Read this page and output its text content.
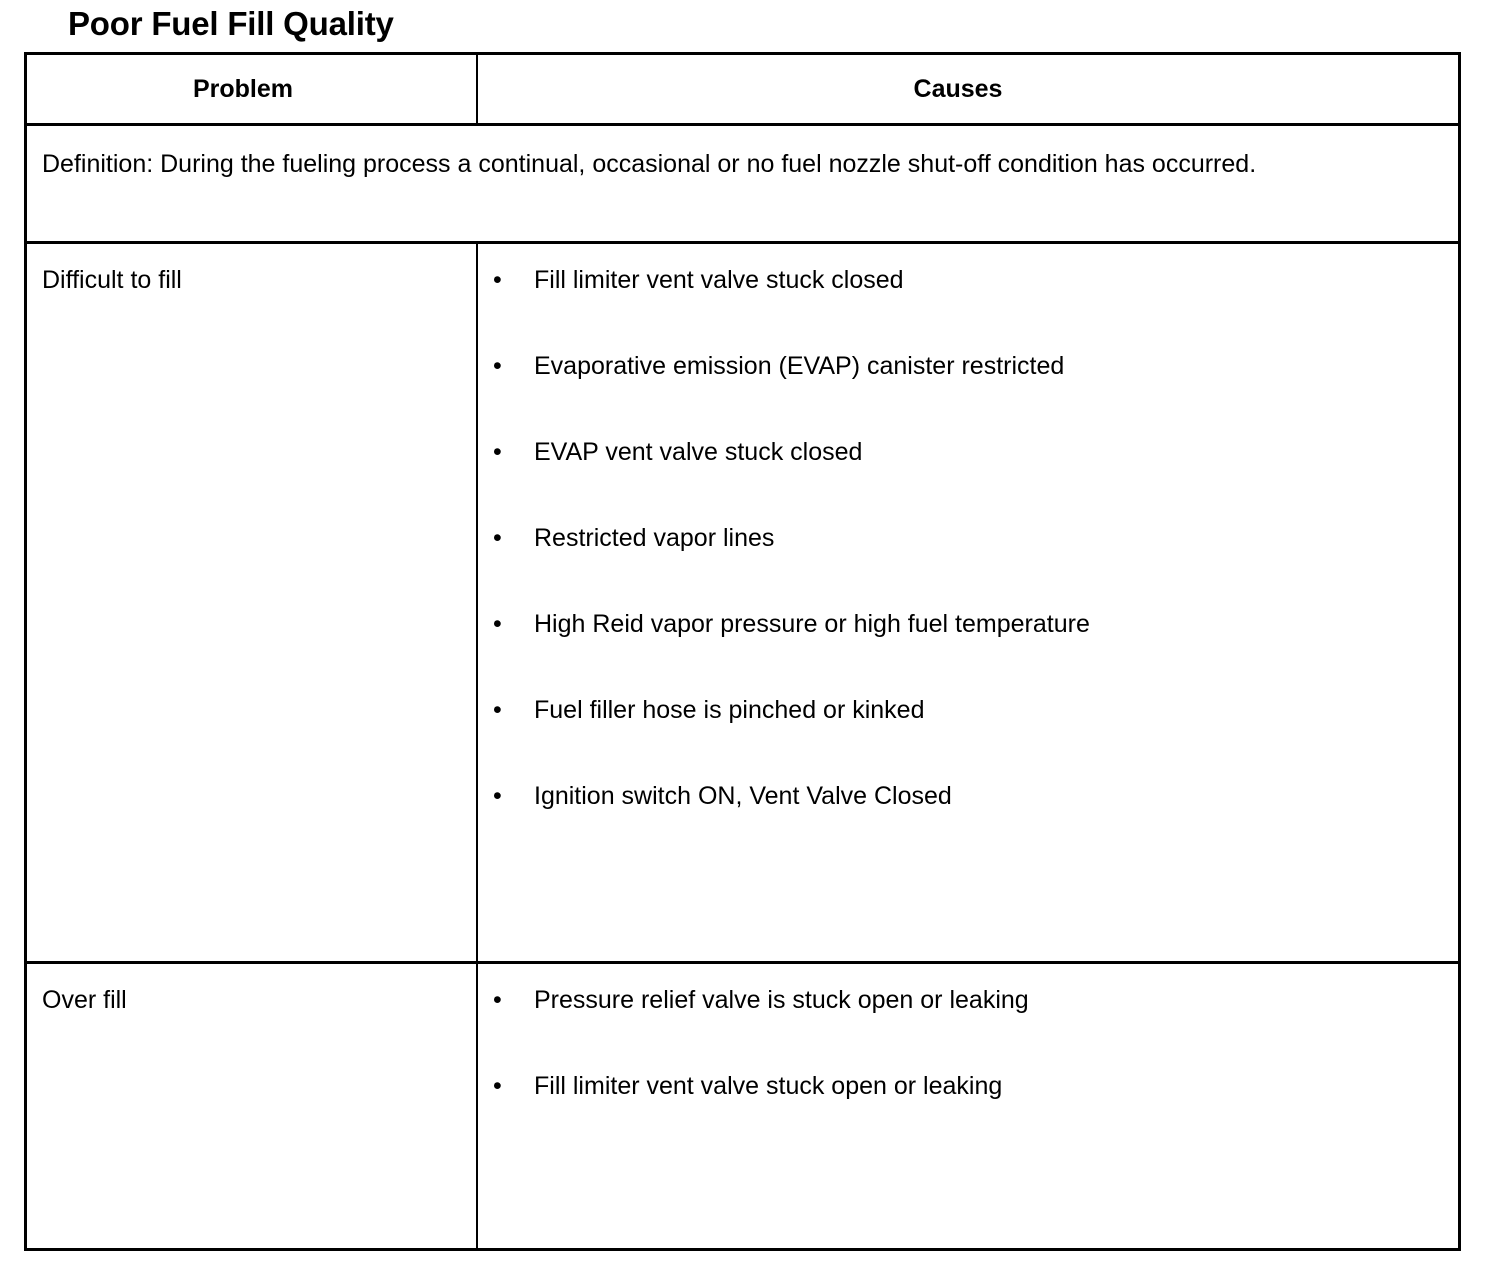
Poor Fuel Fill Quality
Problem	Causes
Definition: During the fueling process a continual, occasional or no fuel nozzle shut-off condition has occurred.
Difficult to fill	• Fill limiter vent valve stuck closed
• Evaporative emission (EVAP) canister restricted
• EVAP vent valve stuck closed
• Restricted vapor lines
• High Reid vapor pressure or high fuel temperature
• Fuel filler hose is pinched or kinked
• Ignition switch ON, Vent Valve Closed
Over fill	• Pressure relief valve is stuck open or leaking
• Fill limiter vent valve stuck open or leaking
